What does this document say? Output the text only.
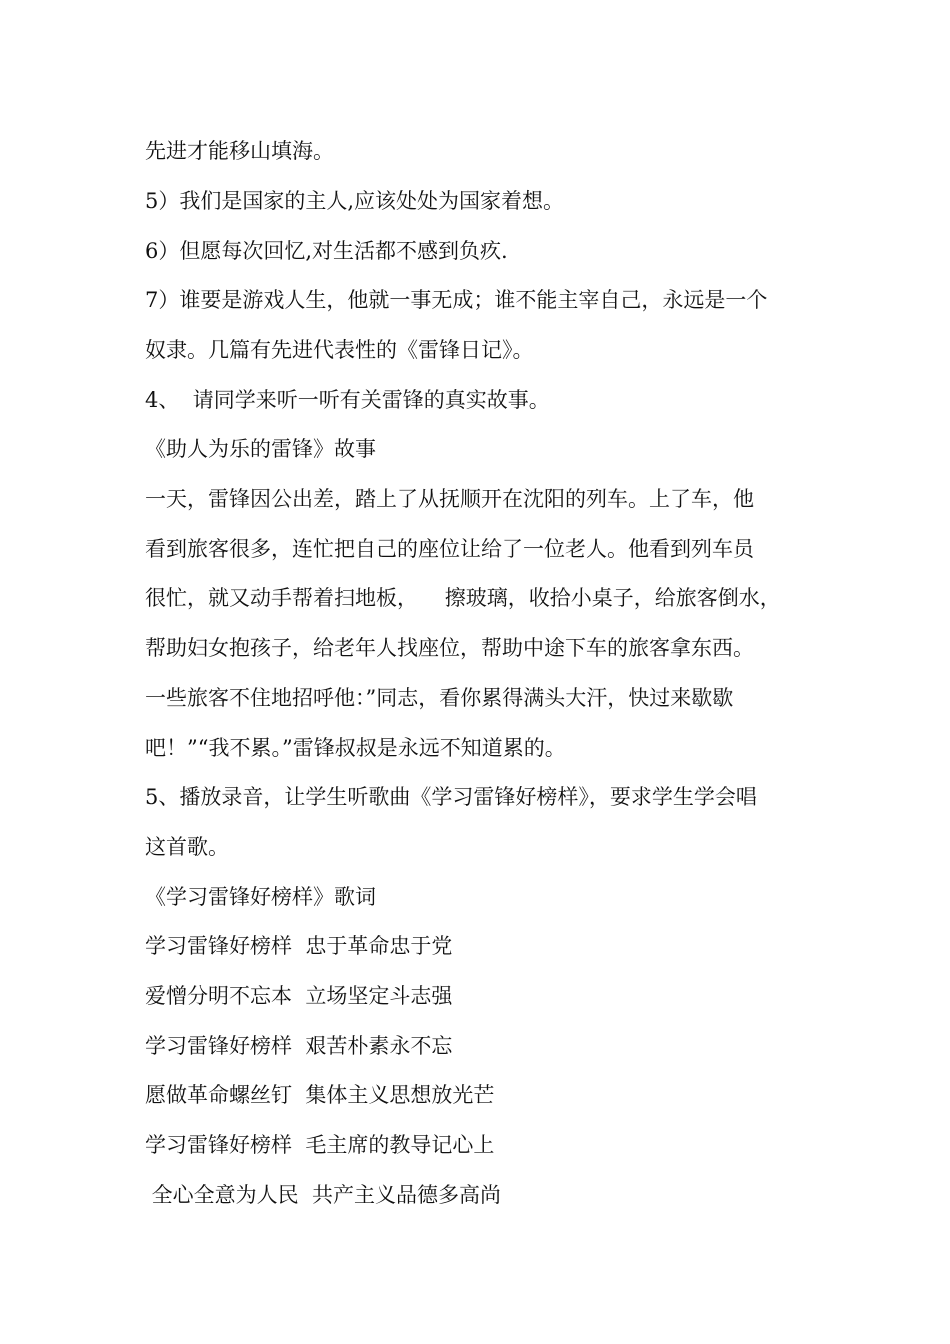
先进才能移山填海。
5）我们是国家的主人,应该处处为国家着想。
6）但愿每次回忆,对生活都不感到负疚.
7）谁要是游戏人生，他就一事无成；谁不能主宰自己，永远是一个
奴隶。几篇有先进代表性的《雷锋日记》。
4、  请同学来听一听有关雷锋的真实故事。
《助人为乐的雷锋》故事
一天，雷锋因公出差，踏上了从抚顺开在沈阳的列车。上了车，他
看到旅客很多，连忙把自己的座位让给了一位老人。他看到列车员
很忙，就又动手帮着扫地板，    擦玻璃，收拾小桌子，给旅客倒水，
帮助妇女抱孩子，给老年人找座位，帮助中途下车的旅客拿东西。
一些旅客不住地招呼他：”同志，看你累得满头大汗，快过来歇歇
吧！”“我不累。”雷锋叔叔是永远不知道累的。
5、播放录音，让学生听歌曲《学习雷锋好榜样》，要求学生学会唱
这首歌。
《学习雷锋好榜样》歌词
学习雷锋好榜样  忠于革命忠于党
爱憎分明不忘本  立场坚定斗志强
学习雷锋好榜样  艰苦朴素永不忘
愿做革命螺丝钉  集体主义思想放光芒
学习雷锋好榜样  毛主席的教导记心上
全心全意为人民  共产主义品德多高尚
